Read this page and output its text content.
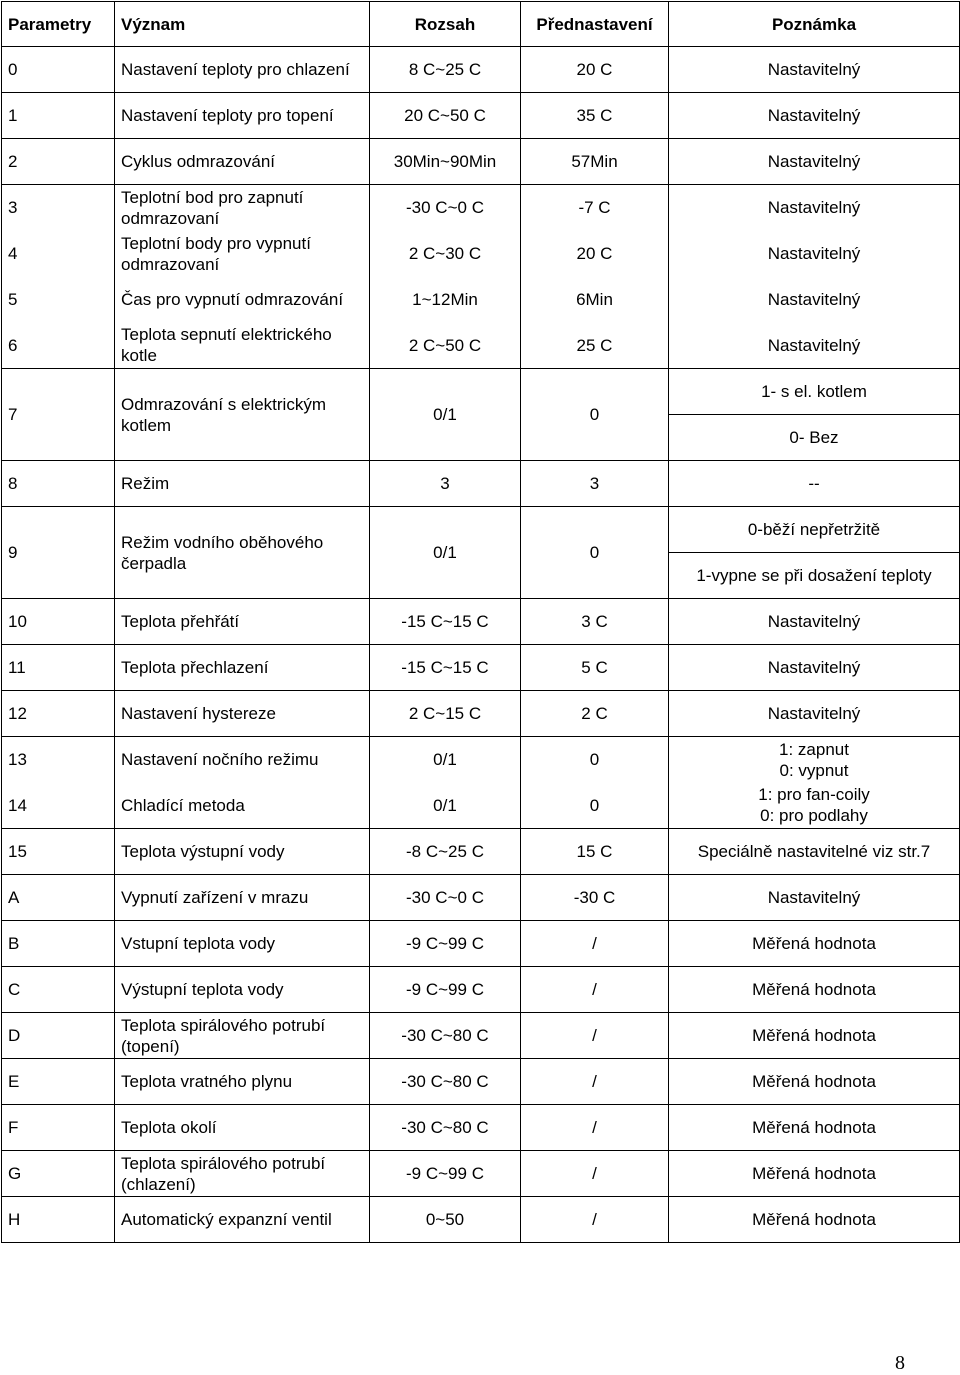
Parametry	Význam	Rozsah	Přednastavení	Poznámka
0	Nastavení teploty pro chlazení	8 C~25 C	20 C	Nastavitelný
1	Nastavení teploty pro topení	20 C~50 C	35 C	Nastavitelný
2	Cyklus odmrazování	30Min~90Min	57Min	Nastavitelný
3	Teplotní bod pro zapnutí odmrazovaní	-30 C~0 C	-7 C	Nastavitelný
4	Teplotní body pro vypnutí odmrazovaní	2 C~30 C	20 C	Nastavitelný
5	Čas pro vypnutí odmrazování	1~12Min	6Min	Nastavitelný
6	Teplota sepnutí elektrického kotle	2 C~50 C	25 C	Nastavitelný
7	Odmrazování s elektrickým kotlem	0/1	0	1- s el. kotlem
				0- Bez
8	Režim	3	3	--
9	Režim vodního oběhového čerpadla	0/1	0	0-běží nepřetržitě
				1-vypne se při dosažení teploty
10	Teplota přehřátí	-15 C~15 C	3 C	Nastavitelný
11	Teplota přechlazení	-15 C~15 C	5 C	Nastavitelný
12	Nastavení hystereze	2 C~15 C	2 C	Nastavitelný
13	Nastavení nočního režimu	0/1	0	1: zapnut
0: vypnut

14	Chladící metoda	0/1	0	1: pro fan-coily
0: pro podlahy

15	Teplota výstupní vody	-8 C~25 C	15 C	Speciálně nastavitelné viz str.7
A	Vypnutí zařízení v mrazu	-30 C~0 C	-30 C	Nastavitelný
B	Vstupní teplota vody	-9 C~99 C	/	Měřená hodnota
C	Výstupní teplota vody	-9 C~99 C	/	Měřená hodnota
D	Teplota spirálového potrubí (topení)	-30 C~80 C	/	Měřená hodnota
E	Teplota vratného plynu	-30 C~80 C	/	Měřená hodnota
F	Teplota okolí	-30 C~80 C	/	Měřená hodnota
G	Teplota spirálového potrubí (chlazení)	-9 C~99 C	/	Měřená hodnota
H	Automatický expanzní ventil	0~50	/	Měřená hodnota
8
